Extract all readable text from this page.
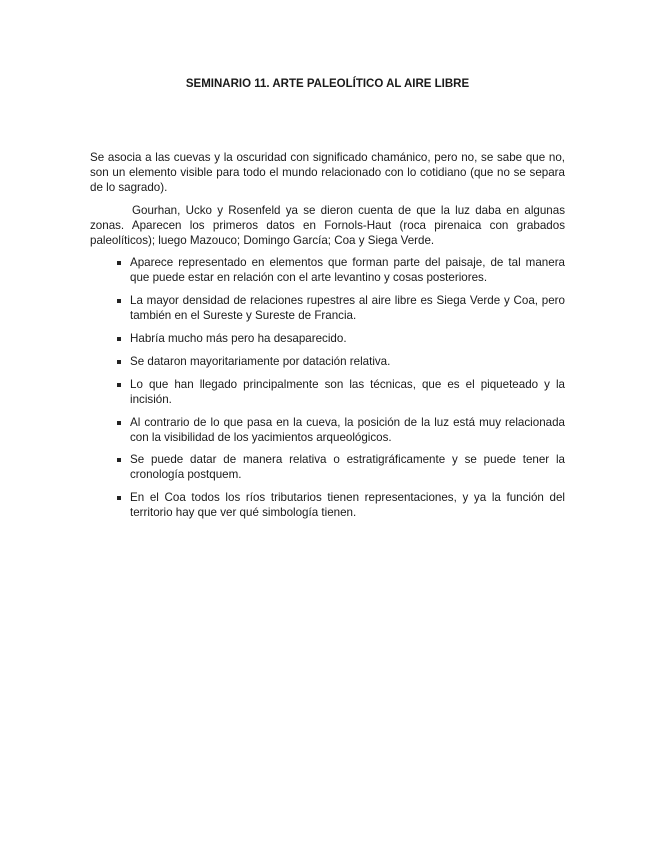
SEMINARIO 11. ARTE PALEOLÍTICO AL AIRE LIBRE
Se asocia a las cuevas y la oscuridad con significado chamánico, pero no, se sabe que no, son un elemento visible para todo el mundo relacionado con lo cotidiano (que no se separa de lo sagrado).
Gourhan, Ucko y Rosenfeld ya se dieron cuenta de que la luz daba en algunas zonas. Aparecen los primeros datos en Fornols-Haut (roca pirenaica con grabados paleolíticos); luego Mazouco; Domingo García; Coa y Siega Verde.
Aparece representado en elementos que forman parte del paisaje, de tal manera que puede estar en relación con el arte levantino y cosas posteriores.
La mayor densidad de relaciones rupestres al aire libre es Siega Verde y Coa, pero también en el Sureste y Sureste de Francia.
Habría mucho más pero ha desaparecido.
Se dataron mayoritariamente por datación relativa.
Lo que han llegado principalmente son las técnicas, que es el piqueteado y la incisión.
Al contrario de lo que pasa en la cueva, la posición de la luz está muy relacionada con la visibilidad de los yacimientos arqueológicos.
Se puede datar de manera relativa o estratigráficamente y se puede tener la cronología postquem.
En el Coa todos los ríos tributarios tienen representaciones, y ya la función del territorio hay que ver qué simbología tienen.
